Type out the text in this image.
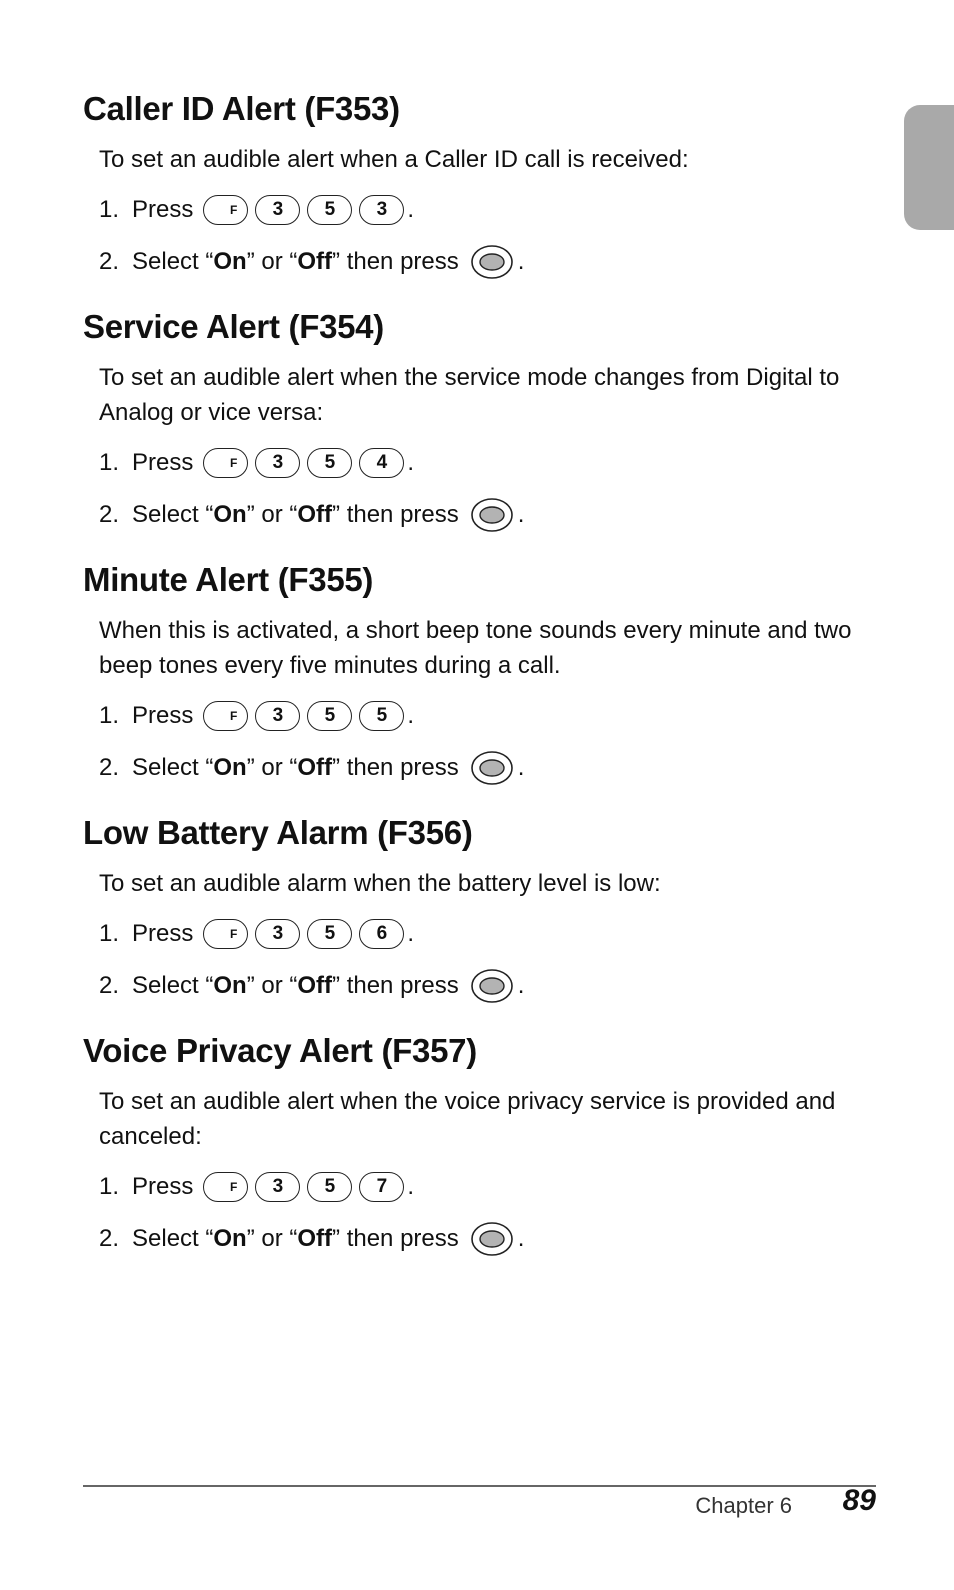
Caller ID Alert (F353)

To set an audible alert when a Caller ID call is received:

1. Press	F	3	5	3 .
2. Select “On” or “Off” then press .
Service Alert (F354)

To set an audible alert when the service mode changes from Digital to Analog or vice versa:

1. Press	F	3	5	4 .
2. Select “On” or “Off” then press .
Minute Alert (F355)

When this is activated, a short beep tone sounds every minute and two beep tones every five minutes during a call.

1. Press	F	3	5	5 .
2. Select “On” or “Off” then press .
Low Battery Alarm (F356)

To set an audible alarm when the battery level is low:

1. Press	F	3	5	6 .
2. Select “On” or “Off” then press .
Voice Privacy Alert (F357)

To set an audible alert when the voice privacy service is provided and canceled:

1. Press	F	3	5	7 .
2. Select “On” or “Off” then press .
Chapter 6 89
